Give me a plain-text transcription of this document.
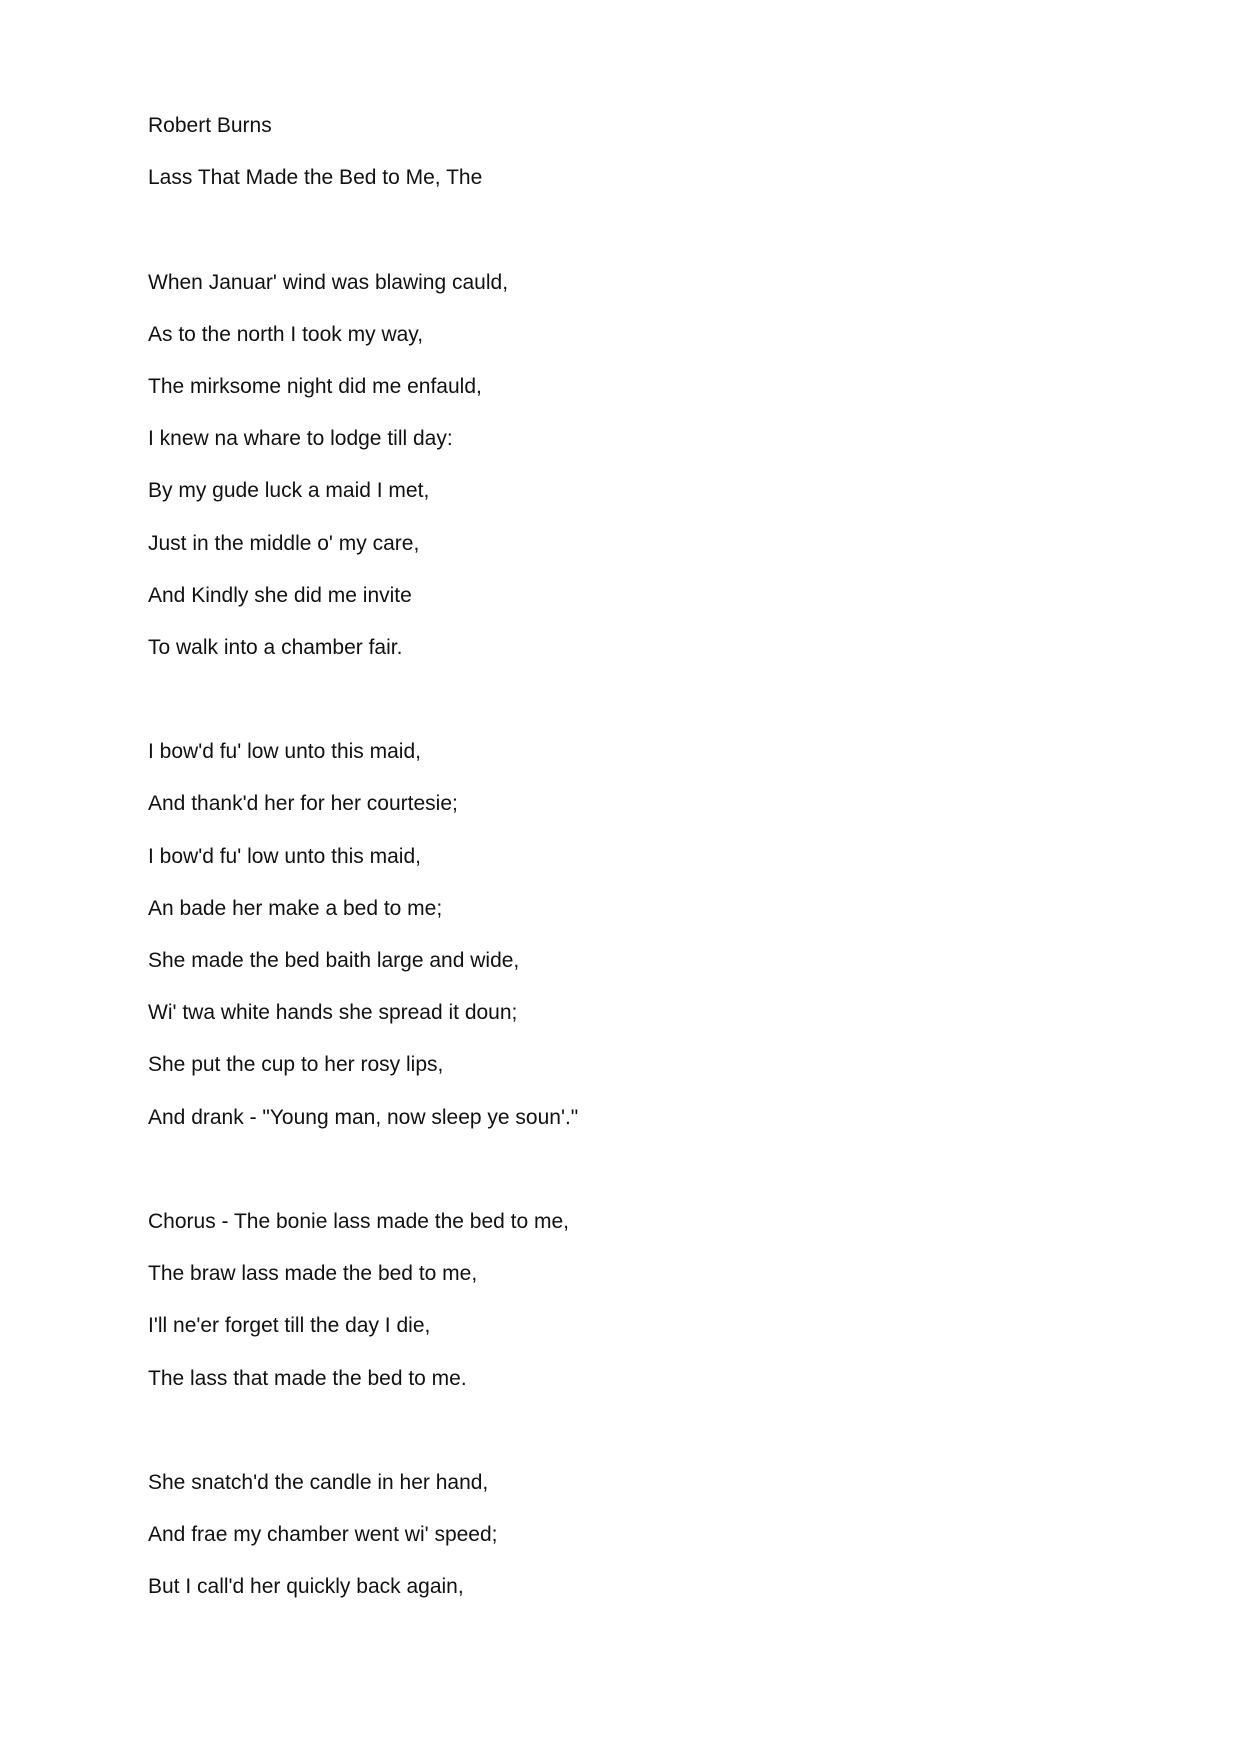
Robert Burns

Lass That Made the Bed to Me, The

When Januar' wind was blawing cauld,

As to the north I took my way,

The mirksome night did me enfauld,

I knew na whare to lodge till day:

By my gude luck a maid I met,

Just in the middle o' my care,

And Kindly she did me invite

To walk into a chamber fair.

I bow'd fu' low unto this maid,

And thank'd her for her courtesie;

I bow'd fu' low unto this maid,

An bade her make a bed to me;

She made the bed baith large and wide,

Wi' twa white hands she spread it doun;

She put the cup to her rosy lips,

And drank - "Young man, now sleep ye soun'."

Chorus - The bonie lass made the bed to me,

The braw lass made the bed to me,

I'll ne'er forget till the day I die,

The lass that made the bed to me.

She snatch'd the candle in her hand,

And frae my chamber went wi' speed;

But I call'd her quickly back again,
